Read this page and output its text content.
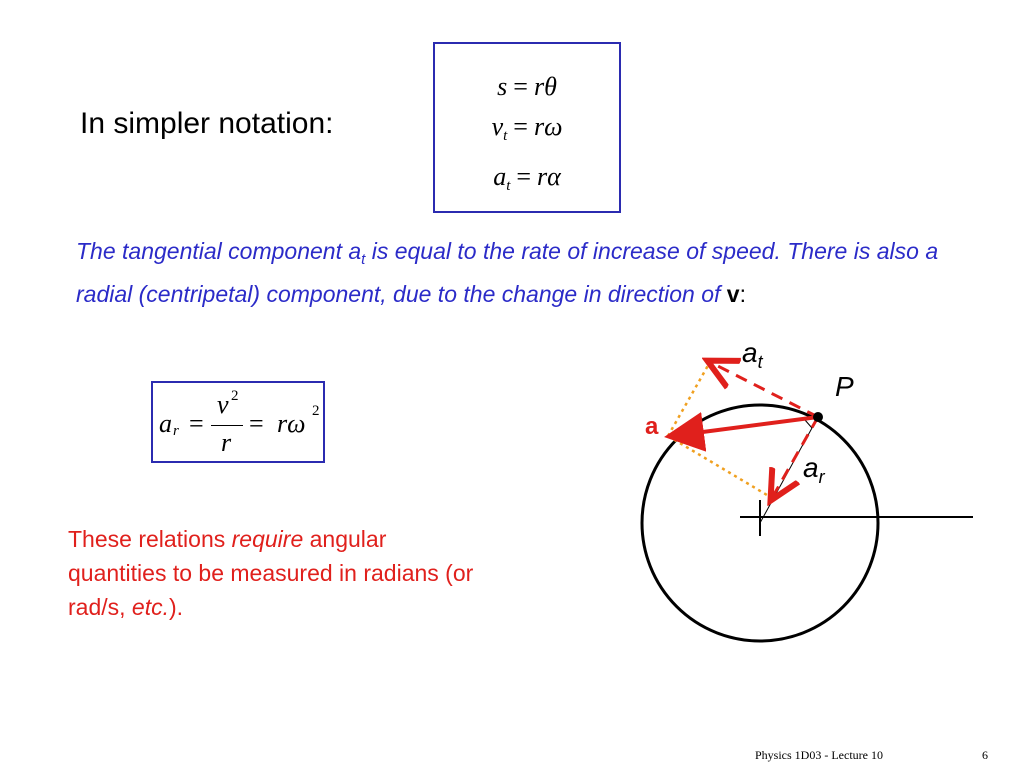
In simpler notation:
s = rθ
$v_t = r\omega$
$a_t = r\alpha$
The tangential component $a_t$ is equal to the rate of increase of speed. There is also a radial (centripetal) component, due to the change in direction of v:
a r =
v 2
r
= rω 2
These relations require angular quantities to be measured in radians (or rad/s, etc.).
$a_t$
P
a
$a_r$
Physics 1D03 - Lecture 10	6
